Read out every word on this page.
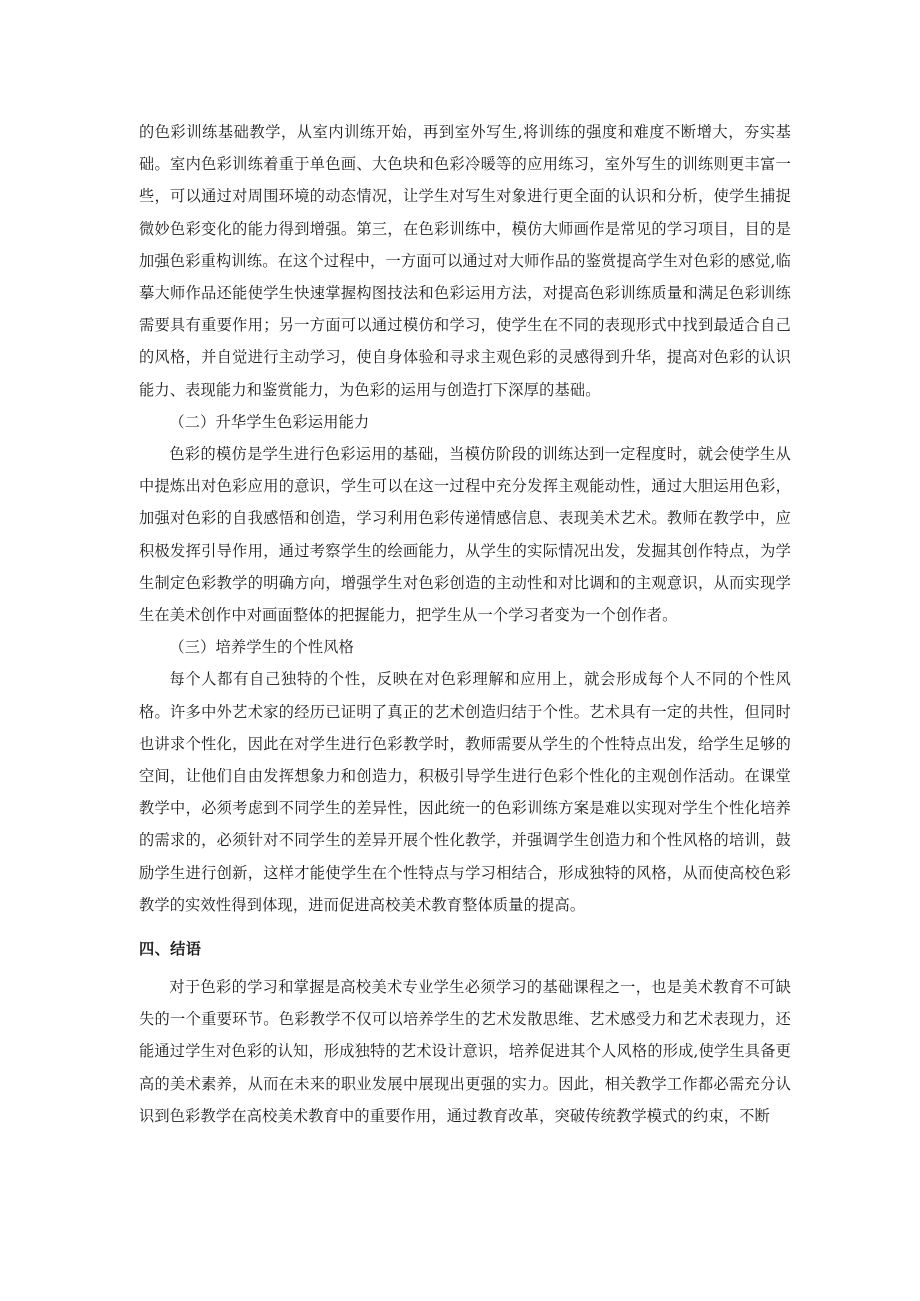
的色彩训练基础教学，从室内训练开始，再到室外写生,将训练的强度和难度不断增大，夯实基础。室内色彩训练着重于单色画、大色块和色彩冷暖等的应用练习，室外写生的训练则更丰富一些，可以通过对周围环境的动态情况，让学生对写生对象进行更全面的认识和分析，使学生捕捉微妙色彩变化的能力得到增强。第三，在色彩训练中，模仿大师画作是常见的学习项目，目的是加强色彩重构训练。在这个过程中，一方面可以通过对大师作品的鉴赏提高学生对色彩的感觉,临摹大师作品还能使学生快速掌握构图技法和色彩运用方法，对提高色彩训练质量和满足色彩训练需要具有重要作用；另一方面可以通过模仿和学习，使学生在不同的表现形式中找到最适合自己的风格，并自觉进行主动学习，使自身体验和寻求主观色彩的灵感得到升华，提高对色彩的认识能力、表现能力和鉴赏能力，为色彩的运用与创造打下深厚的基础。

（二）升华学生色彩运用能力

色彩的模仿是学生进行色彩运用的基础，当模仿阶段的训练达到一定程度时，就会使学生从中提炼出对色彩应用的意识，学生可以在这一过程中充分发挥主观能动性，通过大胆运用色彩，加强对色彩的自我感悟和创造，学习利用色彩传递情感信息、表现美术艺术。教师在教学中，应积极发挥引导作用，通过考察学生的绘画能力，从学生的实际情况出发，发掘其创作特点，为学生制定色彩教学的明确方向，增强学生对色彩创造的主动性和对比调和的主观意识，从而实现学生在美术创作中对画面整体的把握能力，把学生从一个学习者变为一个创作者。

（三）培养学生的个性风格

每个人都有自己独特的个性，反映在对色彩理解和应用上，就会形成每个人不同的个性风格。许多中外艺术家的经历已证明了真正的艺术创造归结于个性。艺术具有一定的共性，但同时也讲求个性化，因此在对学生进行色彩教学时，教师需要从学生的个性特点出发，给学生足够的空间，让他们自由发挥想象力和创造力，积极引导学生进行色彩个性化的主观创作活动。在课堂教学中，必须考虑到不同学生的差异性，因此统一的色彩训练方案是难以实现对学生个性化培养的需求的，必须针对不同学生的差异开展个性化教学，并强调学生创造力和个性风格的培训，鼓励学生进行创新，这样才能使学生在个性特点与学习相结合，形成独特的风格，从而使高校色彩教学的实效性得到体现，进而促进高校美术教育整体质量的提高。

四、结语

对于色彩的学习和掌握是高校美术专业学生必须学习的基础课程之一，也是美术教育不可缺失的一个重要环节。色彩教学不仅可以培养学生的艺术发散思维、艺术感受力和艺术表现力，还能通过学生对色彩的认知，形成独特的艺术设计意识，培养促进其个人风格的形成,使学生具备更高的美术素养，从而在未来的职业发展中展现出更强的实力。因此，相关教学工作都必需充分认识到色彩教学在高校美术教育中的重要作用，通过教育改革，突破传统教学模式的约束，不断
